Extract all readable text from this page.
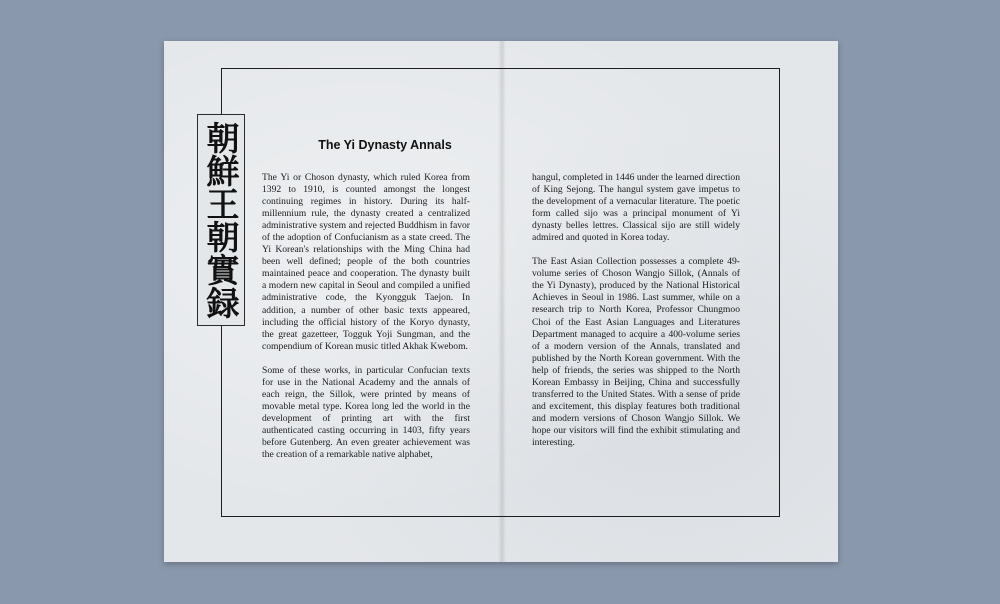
朝鮮王朝實録	The Yi Dynasty Annals

The Yi or Choson dynasty, which ruled Korea from 1392 to 1910, is counted amongst the longest continuing regimes in history. During its half-millennium rule, the dynasty created a centralized administrative system and rejected Buddhism in favor of the adoption of Confucianism as a state creed. The Yi Korean's relationships with the Ming China had been well defined; people of the both countries maintained peace and cooperation. The dynasty built a modern new capital in Seoul and compiled a unified administrative code, the Kyongguk Taejon. In addition, a number of other basic texts appeared, including the official history of the Koryo dynasty, the great gazetteer, Togguk Yoji Sungman, and the compendium of Korean music titled Akhak Kwebom.

Some of these works, in particular Confucian texts for use in the National Academy and the annals of each reign, the Sillok, were printed by means of movable metal type. Korea long led the world in the development of printing art with the first authenticated casting occurring in 1403, fifty years before Gutenberg. An even greater achievement was the creation of a remarkable native alphabet,

hangul, completed in 1446 under the learned direction of King Sejong. The hangul system gave impetus to the development of a vernacular literature. The poetic form called sijo was a principal monument of Yi dynasty belles lettres. Classical sijo are still widely admired and quoted in Korea today.

The East Asian Collection possesses a complete 49-volume series of Choson Wangjo Sillok, (Annals of the Yi Dynasty), produced by the National Historical Achieves in Seoul in 1986. Last summer, while on a research trip to North Korea, Professor Chungmoo Choi of the East Asian Languages and Literatures Department managed to acquire a 400-volume series of a modern version of the Annals, translated and published by the North Korean government. With the help of friends, the series was shipped to the North Korean Embassy in Beijing, China and successfully transferred to the United States. With a sense of pride and excitement, this display features both traditional and modern versions of Choson Wangjo Sillok. We hope our visitors will find the exhibit stimulating and interesting.
